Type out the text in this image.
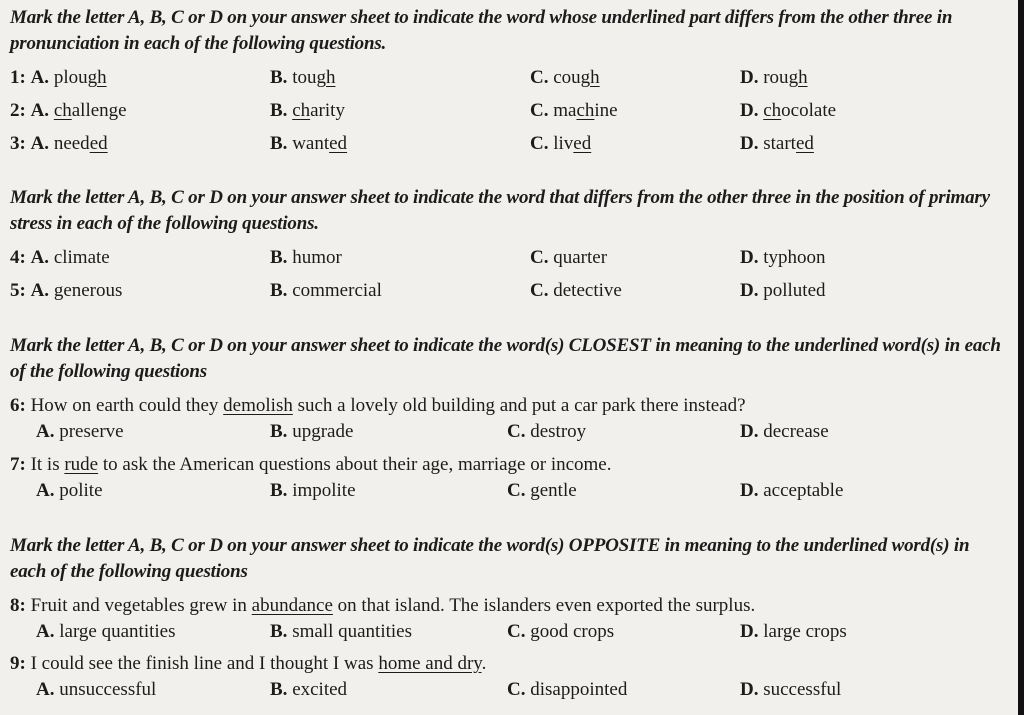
Mark the letter A, B, C or D on your answer sheet to indicate the word whose underlined part differs from the other three in pronunciation in each of the following questions.
1: A. plough	B. tough	C. cough	D. rough
2: A. challenge	B. charity	C. machine	D. chocolate
3: A. needed	B. wanted	C. lived	D. started
Mark the letter A, B, C or D on your answer sheet to indicate the word that differs from the other three in the position of primary stress in each of the following questions.
4: A. climate	B. humor	C. quarter	D. typhoon
5: A. generous	B. commercial	C. detective	D. polluted
Mark the letter A, B, C or D on your answer sheet to indicate the word(s) CLOSEST in meaning to the underlined word(s) in each of the following questions
6: How on earth could they demolish such a lovely old building and put a car park there instead?
A. preserve	B. upgrade	C. destroy	D. decrease
7: It is rude to ask the American questions about their age, marriage or income.
A. polite	B. impolite	C. gentle	D. acceptable
Mark the letter A, B, C or D on your answer sheet to indicate the word(s) OPPOSITE in meaning to the underlined word(s) in each of the following questions
8: Fruit and vegetables grew in abundance on that island. The islanders even exported the surplus.
A. large quantities	B. small quantities	C. good crops	D. large crops
9: I could see the finish line and I thought I was home and dry.
A. unsuccessful	B. excited	C. disappointed	D. successful
